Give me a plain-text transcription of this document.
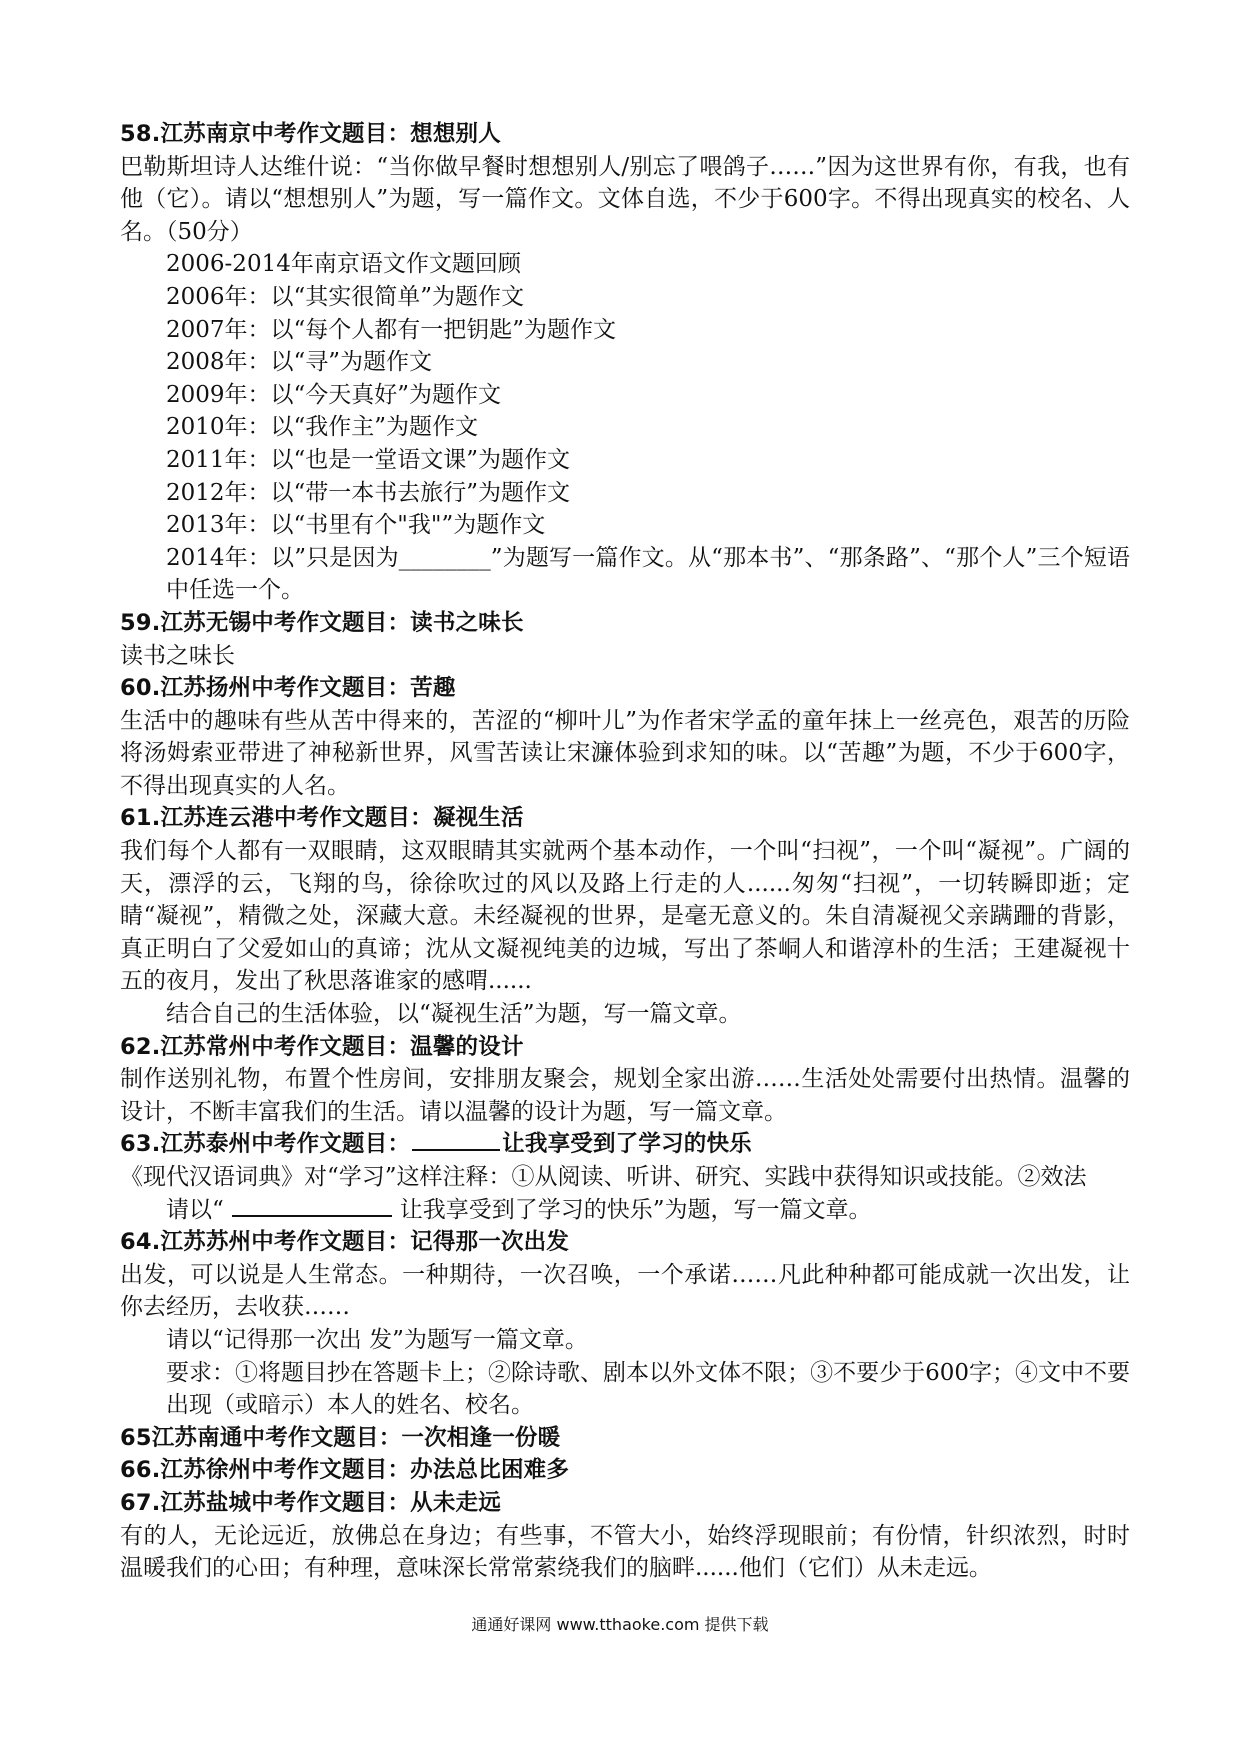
58.江苏南京中考作文题目：想想别人

巴勒斯坦诗人达维什说：“当你做早餐时想想别人/别忘了喂鸽子……”因为这世界有你，有我，也有他（它）。请以“想想别人”为题，写一篇作文。文体自选，不少于600字。不得出现真实的校名、人名。（50分）

2006-2014年南京语文作文题回顾

2006年：以“其实很简单”为题作文

2007年：以“每个人都有一把钥匙”为题作文

2008年：以“寻”为题作文

2009年：以“今天真好”为题作文

2010年：以“我作主”为题作文

2011年：以“也是一堂语文课”为题作文

2012年：以“带一本书去旅行”为题作文

2013年：以“书里有个"我"”为题作文

2014年：以”只是因为________”为题写一篇作文。从“那本书”、“那条路”、“那个人”三个短语中任选一个。

59.江苏无锡中考作文题目：读书之味长

读书之味长

60.江苏扬州中考作文题目：苦趣

生活中的趣味有些从苦中得来的，苦涩的“柳叶儿”为作者宋学孟的童年抹上一丝亮色，艰苦的历险将汤姆索亚带进了神秘新世界，风雪苦读让宋濂体验到求知的味。以“苦趣”为题，不少于600字，不得出现真实的人名。

61.江苏连云港中考作文题目：凝视生活

我们每个人都有一双眼睛，这双眼睛其实就两个基本动作，一个叫“扫视”，一个叫“凝视”。广阔的天，漂浮的云，飞翔的鸟，徐徐吹过的风以及路上行走的人......匆匆“扫视”，一切转瞬即逝；定睛“凝视”，精微之处，深藏大意。未经凝视的世界，是毫无意义的。朱自清凝视父亲蹒跚的背影，真正明白了父爱如山的真谛；沈从文凝视纯美的边城，写出了茶峒人和谐淳朴的生活；王建凝视十五的夜月，发出了秋思落谁家的感喟......

结合自己的生活体验，以“凝视生活”为题，写一篇文章。

62.江苏常州中考作文题目：温馨的设计

制作送别礼物，布置个性房间，安排朋友聚会，规划全家出游……生活处处需要付出热情。温馨的设计，不断丰富我们的生活。请以温馨的设计为题，写一篇文章。

63.江苏泰州中考作文题目：	让我享受到了学习的快乐

《现代汉语词典》对“学习”这样注释：①从阅读、听讲、研究、实践中获得知识或技能。②效法

请以“	让我享受到了学习的快乐”为题，写一篇文章。

64.江苏苏州中考作文题目：记得那一次出发

出发，可以说是人生常态。一种期待，一次召唤，一个承诺……凡此种种都可能成就一次出发，让你去经历，去收获……

请以“记得那一次出 发”为题写一篇文章。

要求：①将题目抄在答题卡上；②除诗歌、剧本以外文体不限；③不要少于600字；④文中不要出现（或暗示）本人的姓名、校名。

65江苏南通中考作文题目：一次相逢一份暖

66.江苏徐州中考作文题目：办法总比困难多

67.江苏盐城中考作文题目：从未走远

有的人，无论远近，放佛总在身边；有些事，不管大小，始终浮现眼前；有份情，针织浓烈，时时温暖我们的心田；有种理，意味深长常常萦绕我们的脑畔......他们（它们）从未走远。

通通好课网 www.tthaoke.com 提供下载
